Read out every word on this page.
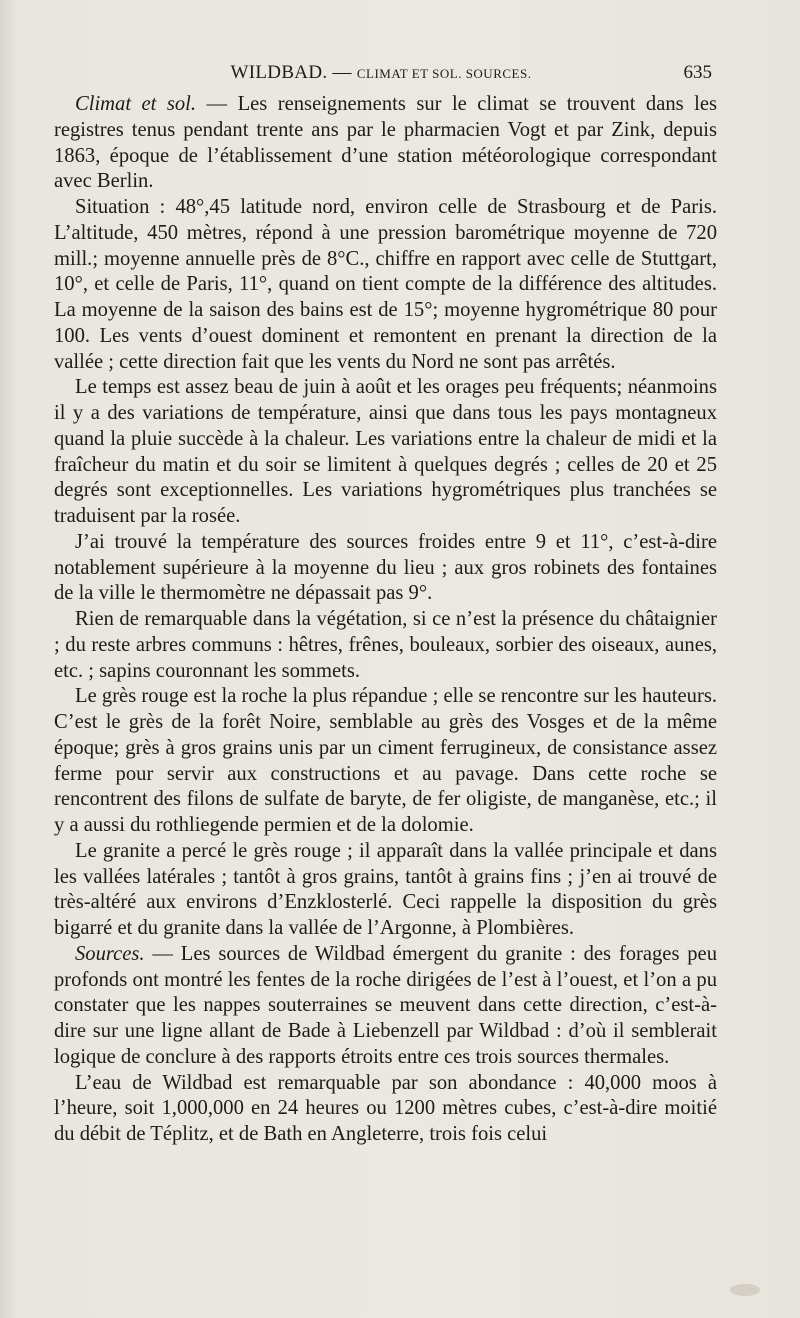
WILDBAD. — CLIMAT ET SOL. SOURCES.	635

Climat et sol. — Les renseignements sur le climat se trouvent dans les registres tenus pendant trente ans par le pharmacien Vogt et par Zink, depuis 1863, époque de l’établissement d’une station météorologique correspondant avec Berlin.

Situation : 48°,45 latitude nord, environ celle de Strasbourg et de Paris. L’altitude, 450 mètres, répond à une pression barométrique moyenne de 720 mill.; moyenne annuelle près de 8°C., chiffre en rapport avec celle de Stuttgart, 10°, et celle de Paris, 11°, quand on tient compte de la différence des altitudes. La moyenne de la saison des bains est de 15°; moyenne hygrométrique 80 pour 100. Les vents d’ouest dominent et remontent en prenant la direction de la vallée ; cette direction fait que les vents du Nord ne sont pas arrêtés.

Le temps est assez beau de juin à août et les orages peu fréquents; néanmoins il y a des variations de température, ainsi que dans tous les pays montagneux quand la pluie succède à la chaleur. Les variations entre la chaleur de midi et la fraîcheur du matin et du soir se limitent à quelques degrés ; celles de 20 et 25 degrés sont exceptionnelles. Les variations hygrométriques plus tranchées se traduisent par la rosée.

J’ai trouvé la température des sources froides entre 9 et 11°, c’est-à-dire notablement supérieure à la moyenne du lieu ; aux gros robinets des fontaines de la ville le thermomètre ne dépassait pas 9°.

Rien de remarquable dans la végétation, si ce n’est la présence du châtaignier ; du reste arbres communs : hêtres, frênes, bouleaux, sorbier des oiseaux, aunes, etc. ; sapins couronnant les sommets.

Le grès rouge est la roche la plus répandue ; elle se rencontre sur les hauteurs. C’est le grès de la forêt Noire, semblable au grès des Vosges et de la même époque; grès à gros grains unis par un ciment ferrugineux, de consistance assez ferme pour servir aux constructions et au pavage. Dans cette roche se rencontrent des filons de sulfate de baryte, de fer oligiste, de manganèse, etc.; il y a aussi du rothliegende permien et de la dolomie.

Le granite a percé le grès rouge ; il apparaît dans la vallée principale et dans les vallées latérales ; tantôt à gros grains, tantôt à grains fins ; j’en ai trouvé de très-altéré aux environs d’Enzklosterlé. Ceci rappelle la disposition du grès bigarré et du granite dans la vallée de l’Argonne, à Plombières.

Sources. — Les sources de Wildbad émergent du granite : des forages peu profonds ont montré les fentes de la roche dirigées de l’est à l’ouest, et l’on a pu constater que les nappes souterraines se meuvent dans cette direction, c’est-à-dire sur une ligne allant de Bade à Liebenzell par Wildbad : d’où il semblerait logique de conclure à des rapports étroits entre ces trois sources thermales.

L’eau de Wildbad est remarquable par son abondance : 40,000 moos à l’heure, soit 1,000,000 en 24 heures ou 1200 mètres cubes, c’est-à-dire moitié du débit de Téplitz, et de Bath en Angleterre, trois fois celui
